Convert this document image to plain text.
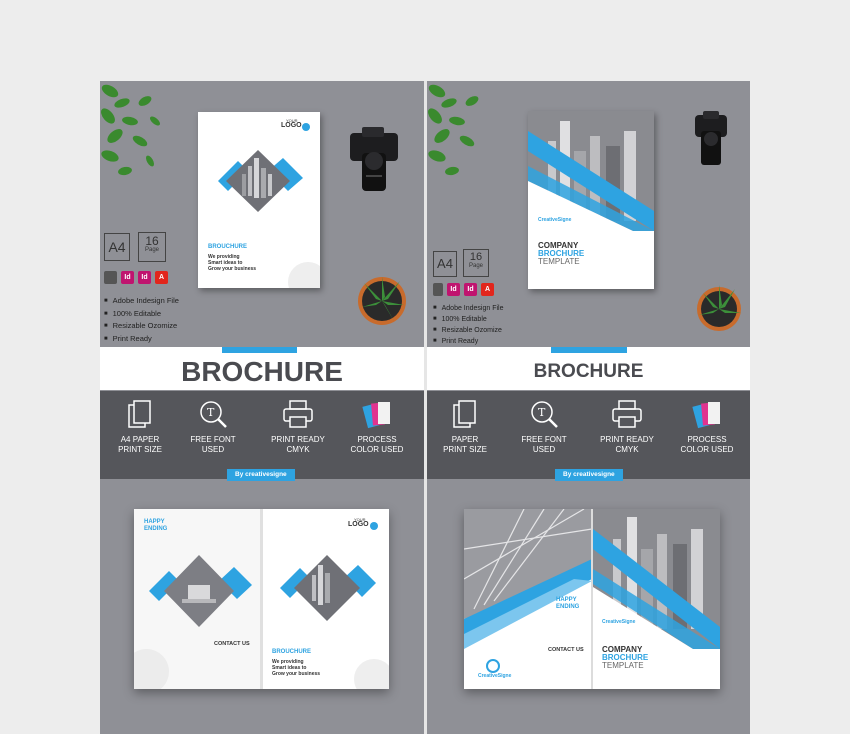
YOUR
LOGO
BROUCHURE
We providing
Smart ideas to
Grow your business
A4	16
Page
Id	Id	A
■ Adobe Indesign File
■ 100% Editable
■ Resizable Ozomize
■ Print Ready
BROCHURE
A4 PAPER
PRINT SIZE
T
FREE FONT
USED
PRINT READY
CMYK
PROCESS
COLOR USED
By creativesigne
HAPPY
ENDING
CONTACT US
YOUR
LOGO
BROUCHURE
We providing
Smart ideas to
Grow your business
CreativeSigne
COMPANY
BROCHURE
TEMPLATE
A4	16
Page
Id	Id	A
■ Adobe Indesign File
■ 100% Editable
■ Resizable Ozomize
■ Print Ready
BROCHURE
PAPER
PRINT SIZE
T
FREE FONT
USED
PRINT READY
CMYK
PROCESS
COLOR USED
By creativesigne
HAPPY
ENDING
CONTACT US
CreativeSigne
CreativeSigne
COMPANY
BROCHURE
TEMPLATE
